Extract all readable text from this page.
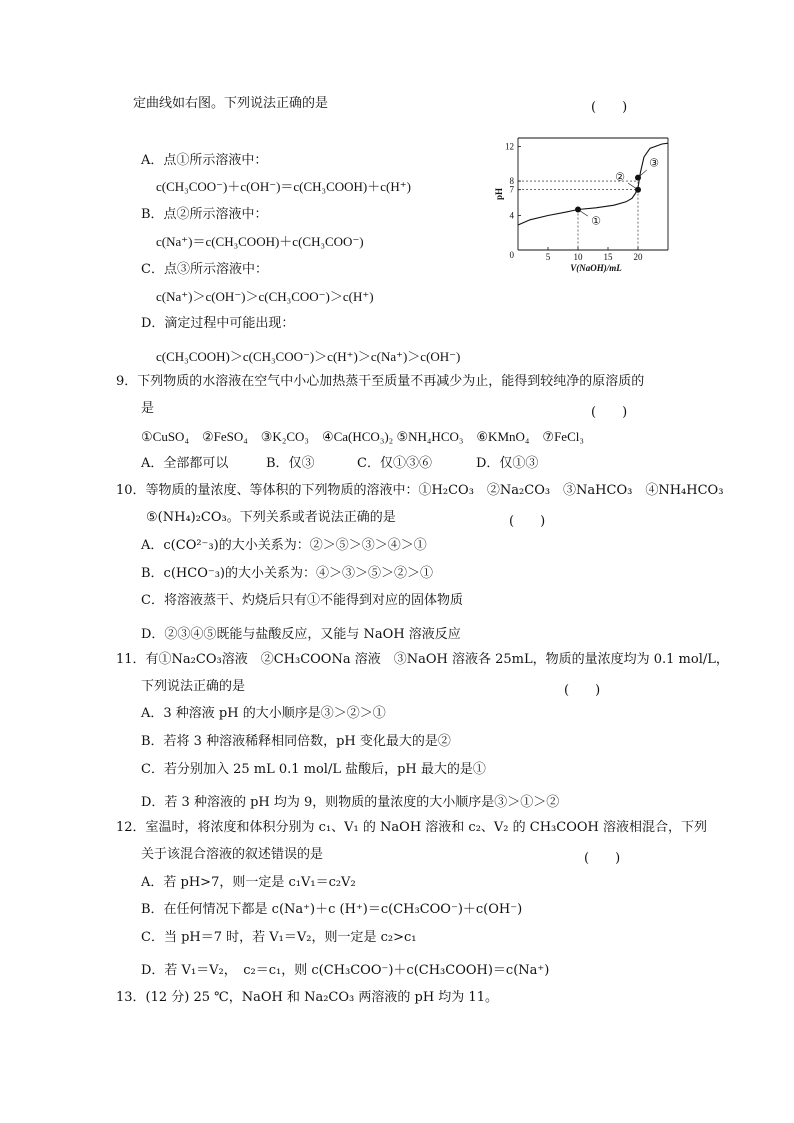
定曲线如右图。下列说法正确的是	(　　)
A．点①所示溶液中：
c(CH₃COO⁻)＋c(OH⁻)＝c(CH₃COOH)＋c(H⁺)
B．点②所示溶液中：
c(Na⁺)＝c(CH₃COOH)＋c(CH₃COO⁻)
C．点③所示溶液中：
c(Na⁺)＞c(OH⁻)＞c(CH₃COO⁻)＞c(H⁺)
D．滴定过程中可能出现：
c(CH₃COOH)＞c(CH₃COO⁻)＞c(H⁺)＞c(Na⁺)＞c(OH⁻)
pH
V(NaOH)/mL
0	5	10 15 20
4
7
8
12
①
②
③
9．下列物质的水溶液在空气中小心加热蒸干至质量不再减少为止，能得到较纯净的原溶质的
是	(　　)
①CuSO₄　②FeSO₄　③K₂CO₃　④Ca(HCO₃)₂ ⑤NH₄HCO₃　⑥KMnO₄　⑦FeCl₃
A．全部都可以	B．仅③	C．仅①③⑥	D．仅①③
10．等物质的量浓度、等体积的下列物质的溶液中：①H₂CO₃　②Na₂CO₃　③NaHCO₃　④NH₄HCO₃
⑤(NH₄)₂CO₃。下列关系或者说法正确的是	(　　)
A．c(CO²⁻₃)的大小关系为：②＞⑤＞③＞④＞①
B．c(HCO⁻₃)的大小关系为：④＞③＞⑤＞②＞①
C．将溶液蒸干、灼烧后只有①不能得到对应的固体物质
D．②③④⑤既能与盐酸反应，又能与 NaOH 溶液反应
11．有①Na₂CO₃溶液　②CH₃COONa 溶液　③NaOH 溶液各 25mL，物质的量浓度均为 0.1 mol/L，
下列说法正确的是	(　　)
A．3 种溶液 pH 的大小顺序是③＞②＞①
B．若将 3 种溶液稀释相同倍数，pH 变化最大的是②
C．若分别加入 25 mL 0.1 mol/L 盐酸后，pH 最大的是①
D．若 3 种溶液的 pH 均为 9，则物质的量浓度的大小顺序是③＞①＞②
12．室温时，将浓度和体积分别为 c₁、V₁ 的 NaOH 溶液和 c₂、V₂ 的 CH₃COOH 溶液相混合，下列
关于该混合溶液的叙述错误的是	(　　)
A．若 pH>7，则一定是 c₁V₁＝c₂V₂
B．在任何情况下都是 c(Na⁺)＋c (H⁺)＝c(CH₃COO⁻)＋c(OH⁻)
C．当 pH＝7 时，若 V₁＝V₂，则一定是 c₂>c₁
D．若 V₁＝V₂，　c₂＝c₁，则 c(CH₃COO⁻)＋c(CH₃COOH)＝c(Na⁺)
13．(12 分) 25 ℃，NaOH 和 Na₂CO₃ 两溶液的 pH 均为 11。
